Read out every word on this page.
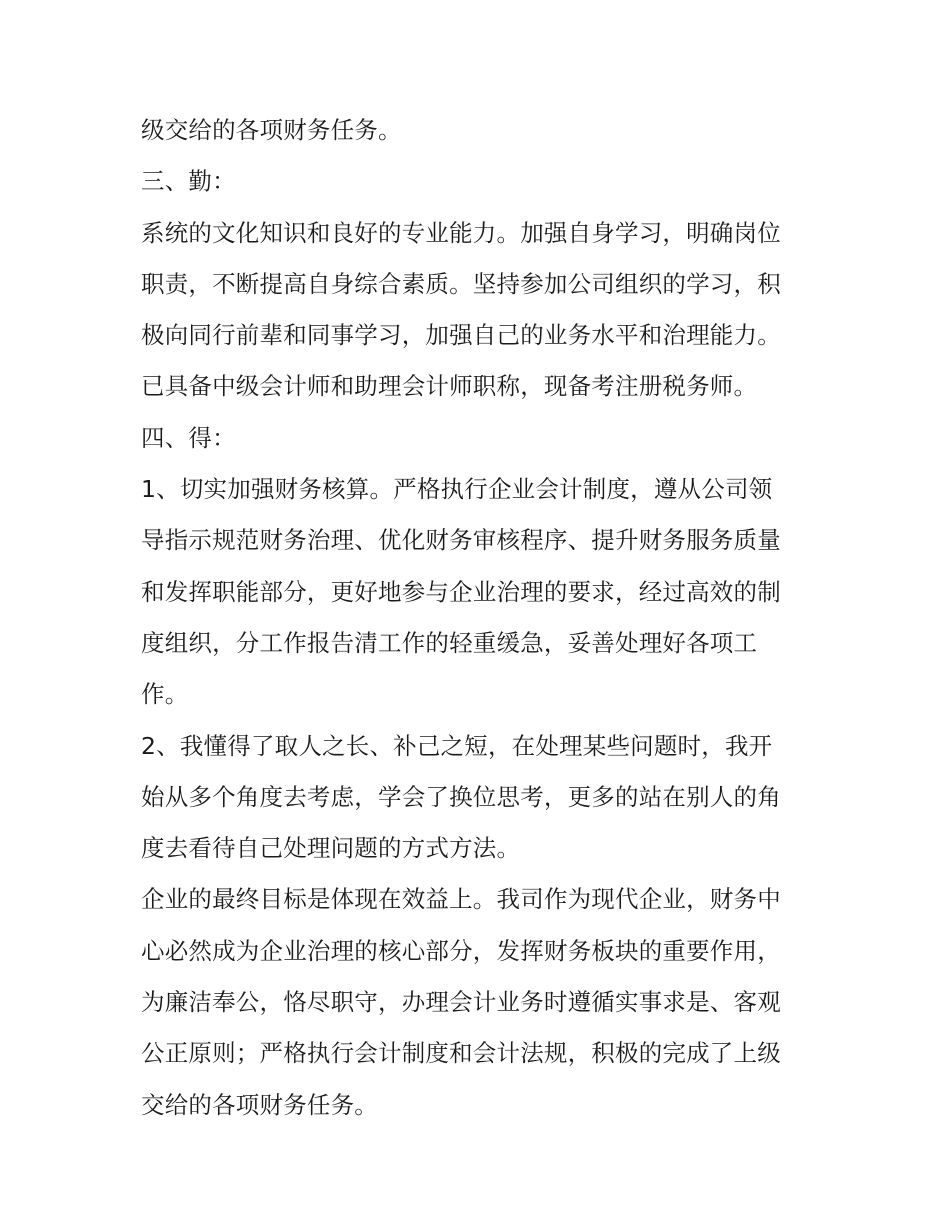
级交给的各项财务任务。
三、勤：
系统的文化知识和良好的专业能力。加强自身学习，明确岗位
职责，不断提高自身综合素质。坚持参加公司组织的学习，积
极向同行前辈和同事学习，加强自己的业务水平和治理能力。
已具备中级会计师和助理会计师职称，现备考注册税务师。
四、得：
1、切实加强财务核算。严格执行企业会计制度，遵从公司领
导指示规范财务治理、优化财务审核程序、提升财务服务质量
和发挥职能部分，更好地参与企业治理的要求，经过高效的制
度组织，分工作报告清工作的轻重缓急，妥善处理好各项工
作。
2、我懂得了取人之长、补己之短，在处理某些问题时，我开
始从多个角度去考虑，学会了换位思考，更多的站在别人的角
度去看待自己处理问题的方式方法。
企业的最终目标是体现在效益上。我司作为现代企业，财务中
心必然成为企业治理的核心部分，发挥财务板块的重要作用，
为廉洁奉公，恪尽职守，办理会计业务时遵循实事求是、客观
公正原则；严格执行会计制度和会计法规，积极的完成了上级
交给的各项财务任务。
